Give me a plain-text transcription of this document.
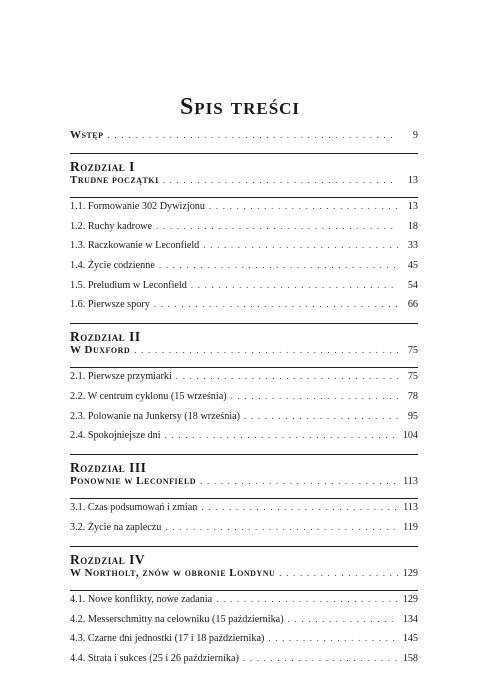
Spis treści
Wstęp . . .	9
Rozdział I
Trudne początki . . .	13
1.1. Formowanie 302 Dywizjonu . . .	13
1.2. Ruchy kadrowe . . .	18
1.3. Raczkowanie w Leconfield . . .	33
1.4. Życie codzienne . . .	45
1.5. Preludium w Leconfield . . .	54
1.6. Pierwsze spory . . .	66
Rozdział II
W Duxford . . .	75
2.1. Pierwsze przymiarki . . .	75
2.2. W centrum cyklonu (15 września) . . .	78
2.3. Polowanie na Junkersy (18 września) . . .	95
2.4. Spokojniejsze dni . . .	104
Rozdział III
Ponownie w Leconfield . . .	113
3.1. Czas podsumowań i zmian . . .	113
3.2. Życie na zapleczu . . .	119
Rozdział IV
W Northolt, znów w obronie Londynu . . .	129
4.1. Nowe konflikty, nowe zadania . . .	129
4.2. Messerschmitty na celowniku (15 października) . . .	134
4.3. Czarne dni jednostki (17 i 18 października) . . .	145
4.4. Strata i sukces (25 i 26 października) . . .	158
